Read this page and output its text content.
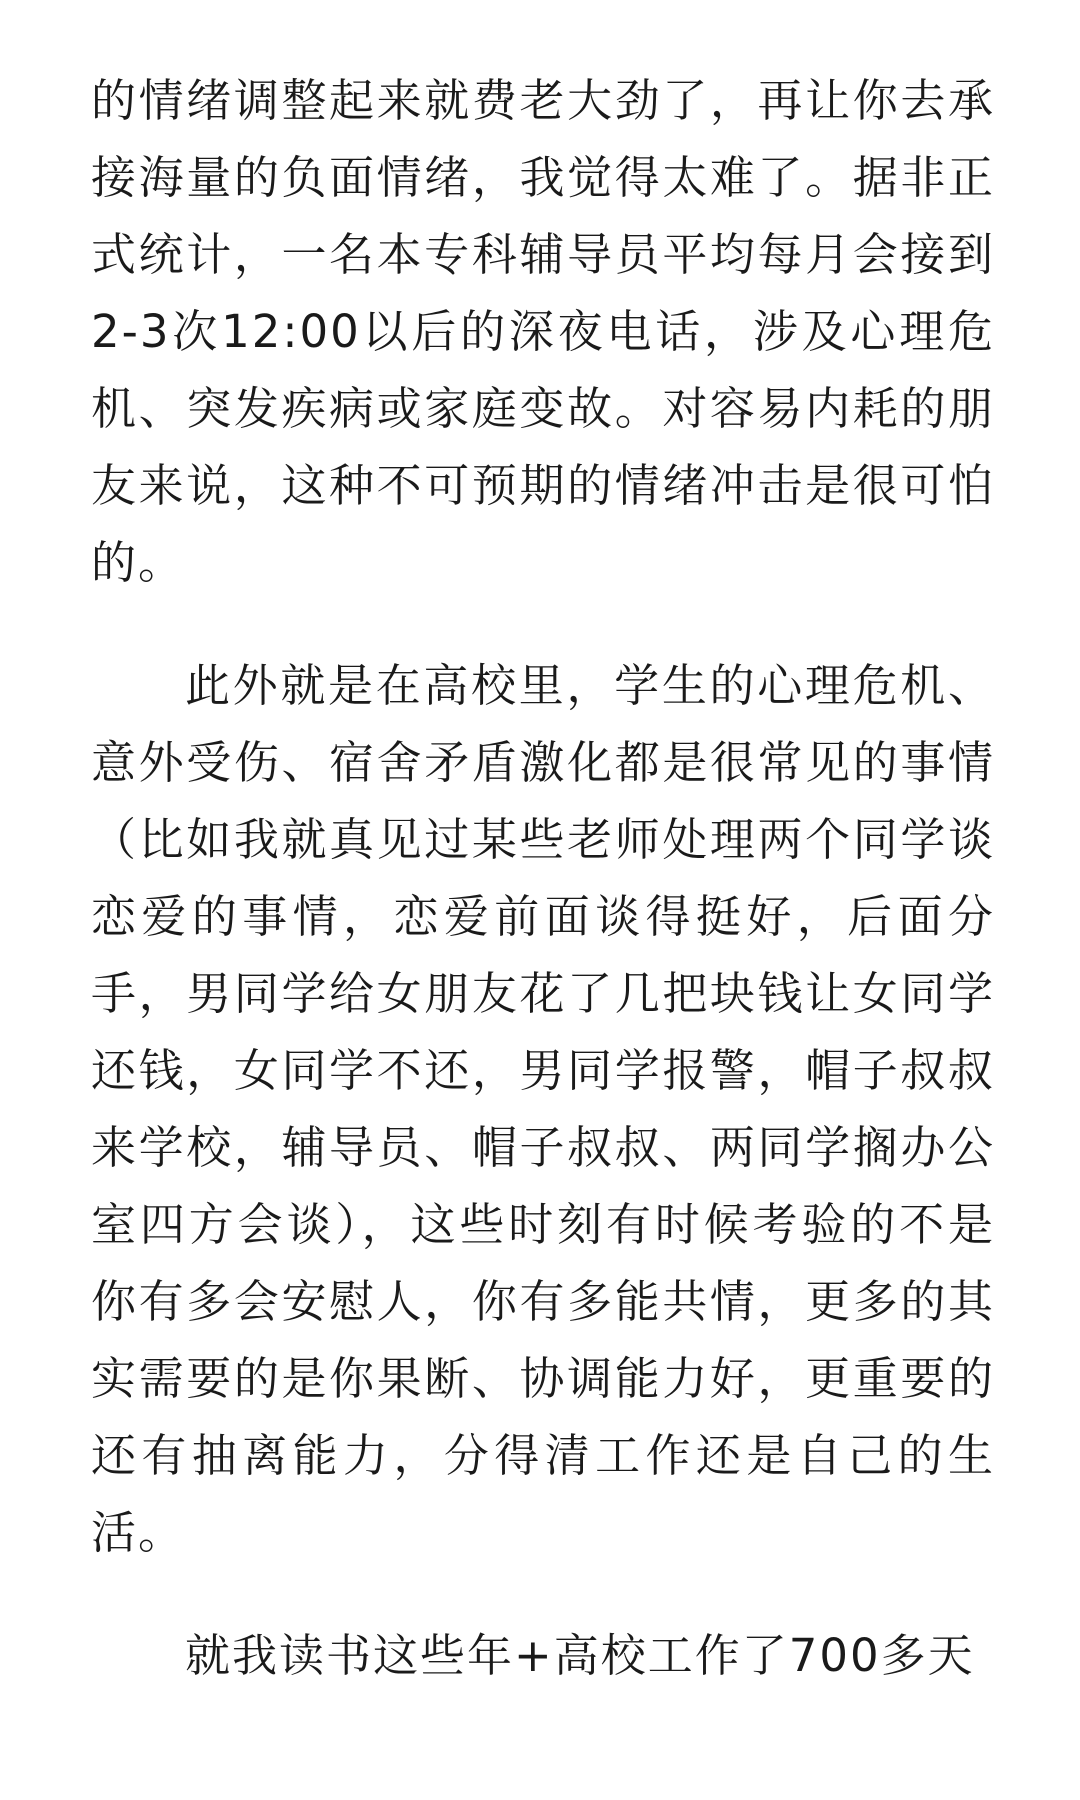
的情绪调整起来就费老大劲了，再让你去承接海量的负面情绪，我觉得太难了。据非正式统计，一名本专科辅导员平均每月会接到2-3次12:00以后的深夜电话，涉及心理危机、突发疾病或家庭变故。对容易内耗的朋友来说，这种不可预期的情绪冲击是很可怕的。

此外就是在高校里，学生的心理危机、意外受伤、宿舍矛盾激化都是很常见的事情（比如我就真见过某些老师处理两个同学谈恋爱的事情，恋爱前面谈得挺好，后面分手，男同学给女朋友花了几把块钱让女同学还钱，女同学不还，男同学报警，帽子叔叔来学校，辅导员、帽子叔叔、两同学搁办公室四方会谈），这些时刻有时候考验的不是你有多会安慰人，你有多能共情，更多的其实需要的是你果断、协调能力好，更重要的还有抽离能力，分得清工作还是自己的生活。

就我读书这些年+高校工作了700多天
